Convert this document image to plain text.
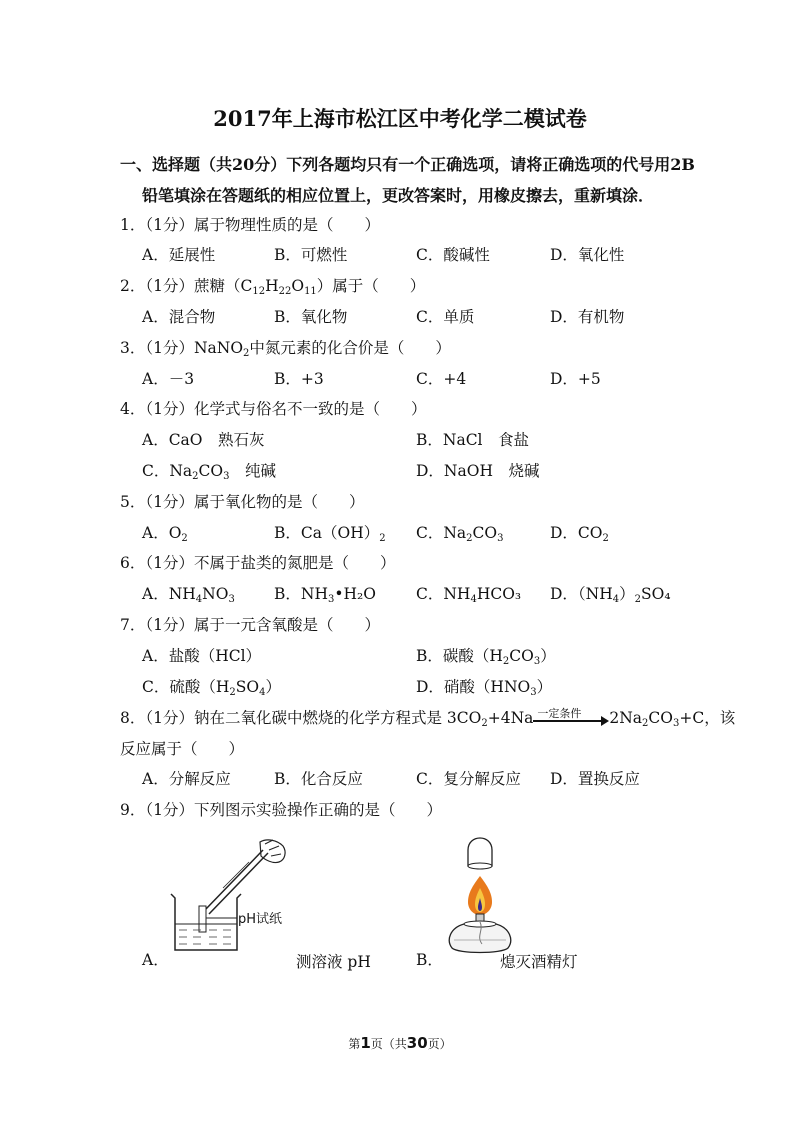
2017年上海市松江区中考化学二模试卷
一、选择题（共20分）下列各题均只有一个正确选项，请将正确选项的代号用2B
铅笔填涂在答题纸的相应位置上，更改答案时，用橡皮擦去，重新填涂．
1．（1分）属于物理性质的是（　　）
A．延展性	B．可燃性	C．酸碱性	D．氧化性
2．（1分）蔗糖$(C_{12}H_{22}O_{11})$属于（　　）
A．混合物	B．氧化物	C．单质	D．有机物
3．（1分）NaNO$_2$中氮元素的化合价是（　　）
A．－3	B．+3	C．+4	D．+5
4．（1分）化学式与俗名不一致的是（　　）
A．CaO　熟石灰	B．NaCl　食盐
C．$Na_2CO_3$　纯碱	D．NaOH　烧碱
5．（1分）属于氧化物的是（　　）
A．$O_2$	B．$Ca(OH)_2$ C．$Na_2CO_3$	D．$CO_2$
6．（1分）不属于盐类的氮肥是（　　）
A．$NH_4NO_3$	B．$NH_3•H_2O$	C．$NH_4HCO_3$ D．$(NH_4)_2SO_4$
7．（1分）属于一元含氧酸是（　　）
A．盐酸（HCl）	B．碳酸$(H_2CO_3)$
C．硫酸$(H_2SO_4)$	D．硝酸$(HNO_3)$
8．（1分）钠在二氧化碳中燃烧的化学方程式是 $3CO_2+4Na$ 一定条件 $2Na_2CO_3+C$，该
反应属于（　　）
A．分解反应	B．化合反应	C．复分解反应 D．置换反应
9．（1分）下列图示实验操作正确的是（　　）
pH试纸
A．	测溶液 pH	B．	熄灭酒精灯
第1页（共30页）
